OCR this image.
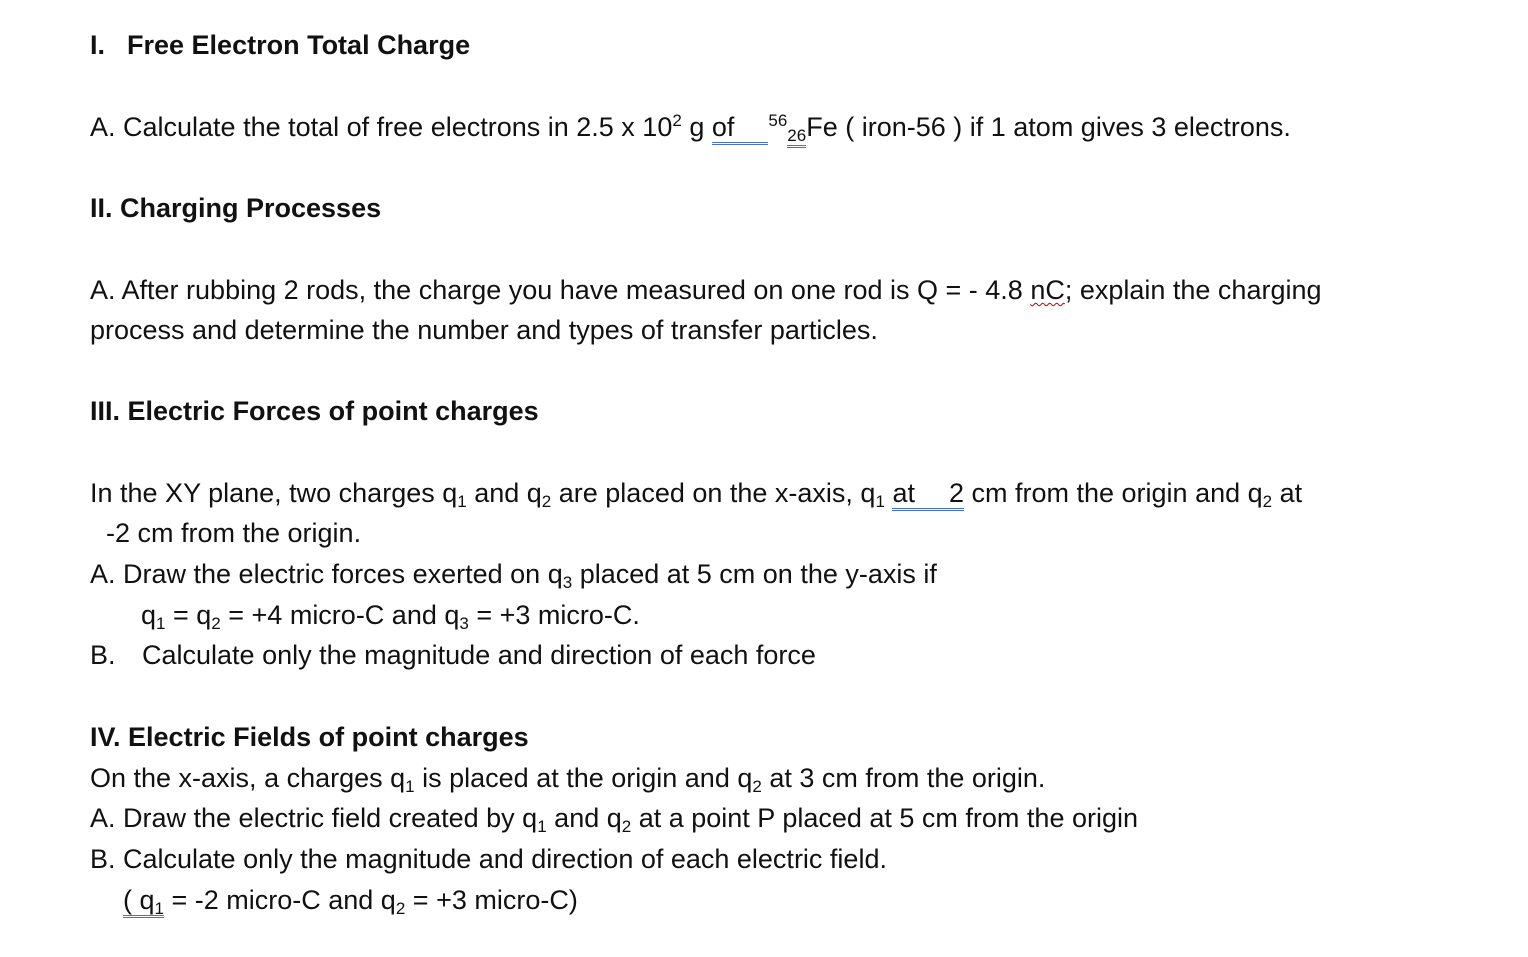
I. Free Electron Total Charge
A. Calculate the total of free electrons in 2.5 x $10^2$ g of $^{56}_{26}$Fe ( iron-56 ) if 1 atom gives 3 electrons.
II. Charging Processes
A. After rubbing 2 rods, the charge you have measured on one rod is Q = - 4.8 nC; explain the charging
process and determine the number and types of transfer particles.
III. Electric Forces of point charges
In the XY plane, two charges $q_1$ and $q_2$ are placed on the x-axis, $q_1$ at 2 cm from the origin and $q_2$ at
-2 cm from the origin.
A. Draw the electric forces exerted on $q_3$ placed at 5 cm on the y-axis if
$q_1 = q_2 = +4$ micro-C and $q_3 = +3$ micro-C.
B. Calculate only the magnitude and direction of each force
IV. Electric Fields of point charges
On the x-axis, a charges $q_1$ is placed at the origin and $q_2$ at 3 cm from the origin.
A. Draw the electric field created by $q_1$ and $q_2$ at a point P placed at 5 cm from the origin
B. Calculate only the magnitude and direction of each electric field.
( $q_1 = -2$ micro-C and $q_2 = +3$ micro-C)
